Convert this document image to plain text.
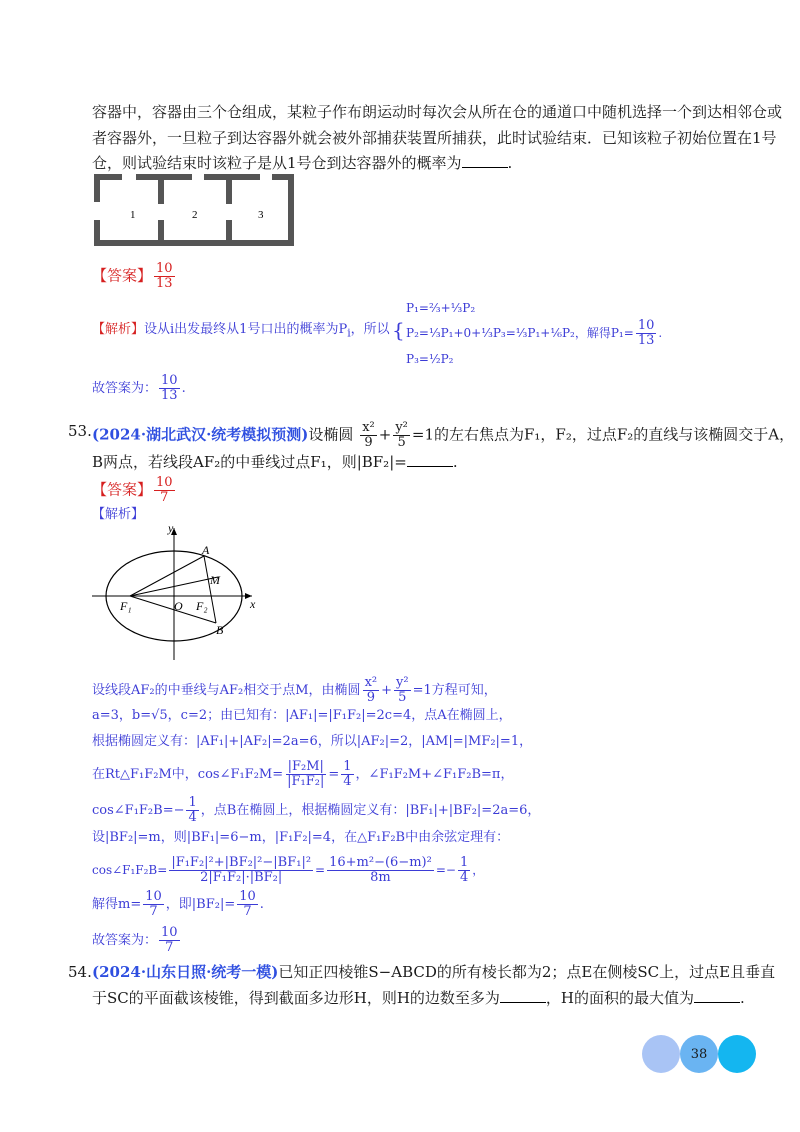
容器中，容器由三个仓组成，某粒子作布朗运动时每次会从所在仓的通道口中随机选择一个到达相邻仓或
者容器外，一旦粒子到达容器外就会被外部捕获装置所捕获，此时试验结束．已知该粒子初始位置在1号
仓，则试验结束时该粒子是从1号仓到达容器外的概率为	.
1	2	3
【答案】 $\frac{10}{13}$
【解析】设从i出发最终从1号口出的概率为$P_i$，所以 {
P₁=⅔+⅓P₂
P₂=⅓P₁+0+⅓P₃=⅓P₁+⅙P₂，解得$P_1= \frac{10}{13}$ .
P₃=½P₂
故答案为： $\frac{10}{13}$ .
53. (2024·湖北武汉·统考模拟预测)设椭圆 $\frac{\text{x²}}{9} + \frac{\text{y²}}{5} =1$的左右焦点为F₁，F₂，过点F₂的直线与该椭圆交于A，
B两点，若线段AF₂的中垂线过点F₁，则|BF₂|=	.
【答案】 $\frac{10}{7}$
【解析】
y
x
A
M
F₁	O F₂
B
设线段AF₂的中垂线与AF₂相交于点M，由椭圆 $\frac{\text{x²}}{9} + \frac{\text{y²}}{5} =1$方程可知，
a=3，b=√5，c=2；由已知有：|AF₁|=|F₁F₂|=2c=4，点A在椭圆上，
根据椭圆定义有：|AF₁|+|AF₂|=2a=6，所以|AF₂|=2，|AM|=|MF₂|=1，
在Rt△F₁F₂M中，cos∠F₁F₂M= $\frac{\text{|F₂M|}}{\text{|F₁F₂|}} = \frac{1}{4}$ ，∠F₁F₂M+∠F₁F₂B=π，
cos∠F₁F₂B=− $\frac{1}{4}$ ，点B在椭圆上，根据椭圆定义有：|BF₁|+|BF₂|=2a=6，
设|BF₂|=m，则|BF₁|=6−m，|F₁F₂|=4，在△F₁F₂B中由余弦定理有：
cos∠F₁F₂B= $\frac{\text{|F₁F₂|²+|BF₂|²−|BF₁|²}}{\text{2|F₁F₂|·|BF₂|}} = \frac{\text{16+m²−(6−m)²}}{8m} =- \frac{1}{4}$ ，
解得$m= \frac{10}{7}$ ，即$|BF_2|= \frac{10}{7}$ .
故答案为： $\frac{10}{7}$
54. (2024·山东日照·统考一模)已知正四棱锥S−ABCD的所有棱长都为2；点E在侧棱SC上，过点E且垂直
于SC的平面截该棱锥，得到截面多边形H，则H的边数至多为	，H的面积的最大值为	.
38
